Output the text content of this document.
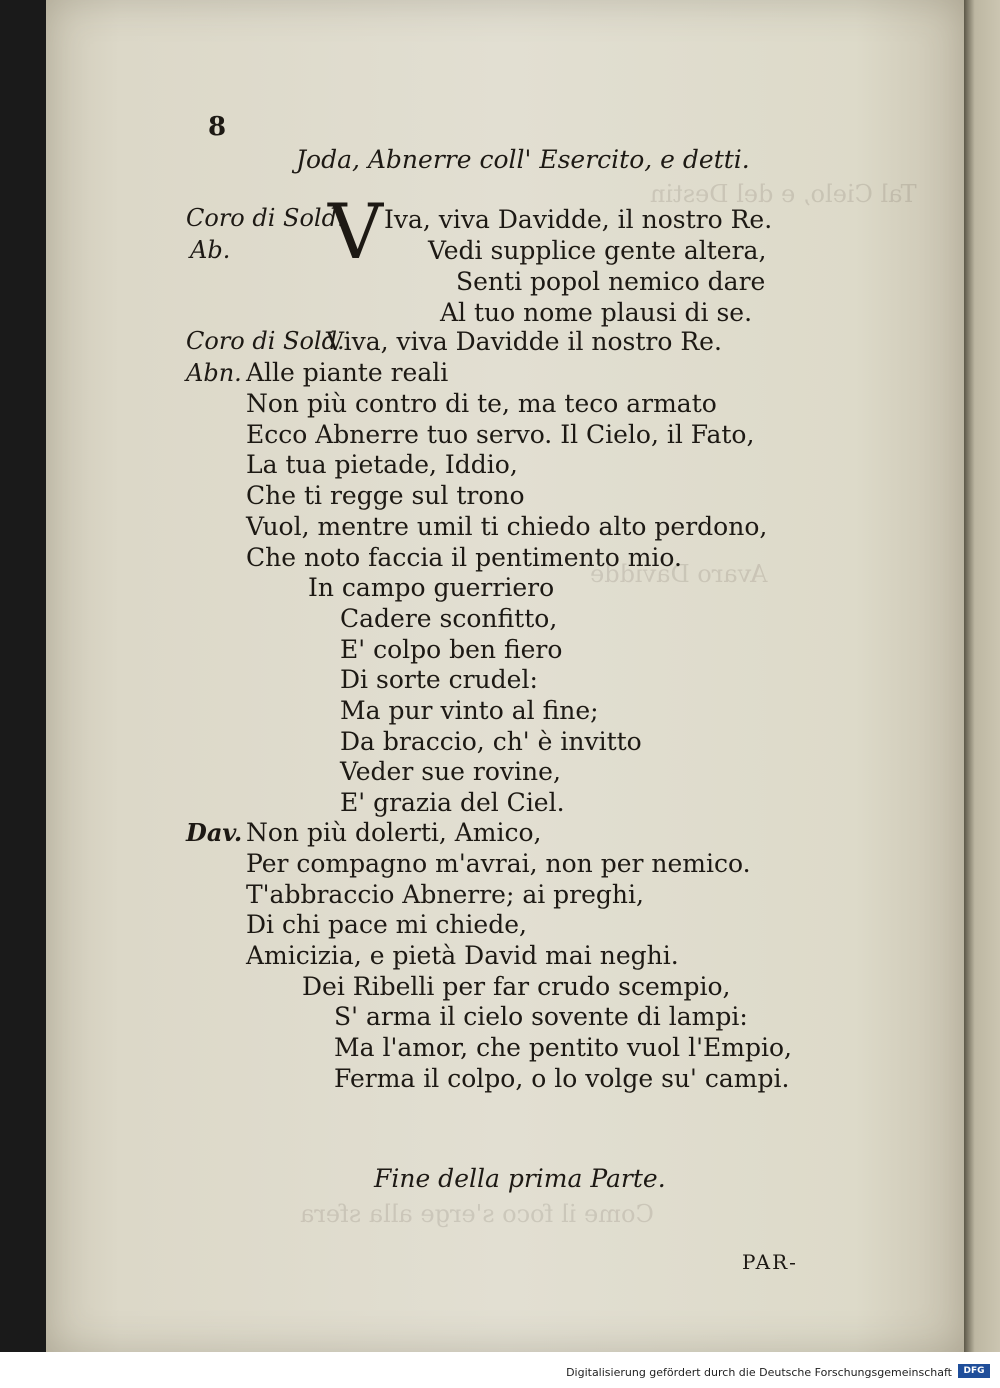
Tal Cielo, e del Destin
Avaro Davidde
Come il foco s'erge alla sfera
8
Joda, Abnerre coll' Esercito, e detti.
V
Coro di Sold.
Ab.
Coro di Sold.
Abn.
Dav.
Iva, viva Davidde, il nostro Re.
Vedi supplice gente altera,
Senti popol nemico dare
Al tuo nome plausi di se.
Viva, viva Davidde il nostro Re.
Alle piante reali
Non più contro di te, ma teco armato
Ecco Abnerre tuo servo. Il Cielo, il Fato,
La tua pietade, Iddio,
Che ti regge sul trono
Vuol, mentre umil ti chiedo alto perdono,
Che noto faccia il pentimento mio.
In campo guerriero
Cadere sconfitto,
E' colpo ben fiero
Di sorte crudel:
Ma pur vinto al fine;
Da braccio, ch' è invitto
Veder sue rovine,
E' grazia del Ciel.
Non più dolerti, Amico,
Per compagno m'avrai, non per nemico.
T'abbraccio Abnerre; ai preghi,
Di chi pace mi chiede,
Amicizia, e pietà David mai neghi.
Dei Ribelli per far crudo scempio,
S' arma il cielo sovente di lampi:
Ma l'amor, che pentito vuol l'Empio,
Ferma il colpo, o lo volge su' campi.
Fine della prima Parte.
PAR-
Digitalisierung gefördert durch die Deutsche Forschungsgemeinschaft	DFG
